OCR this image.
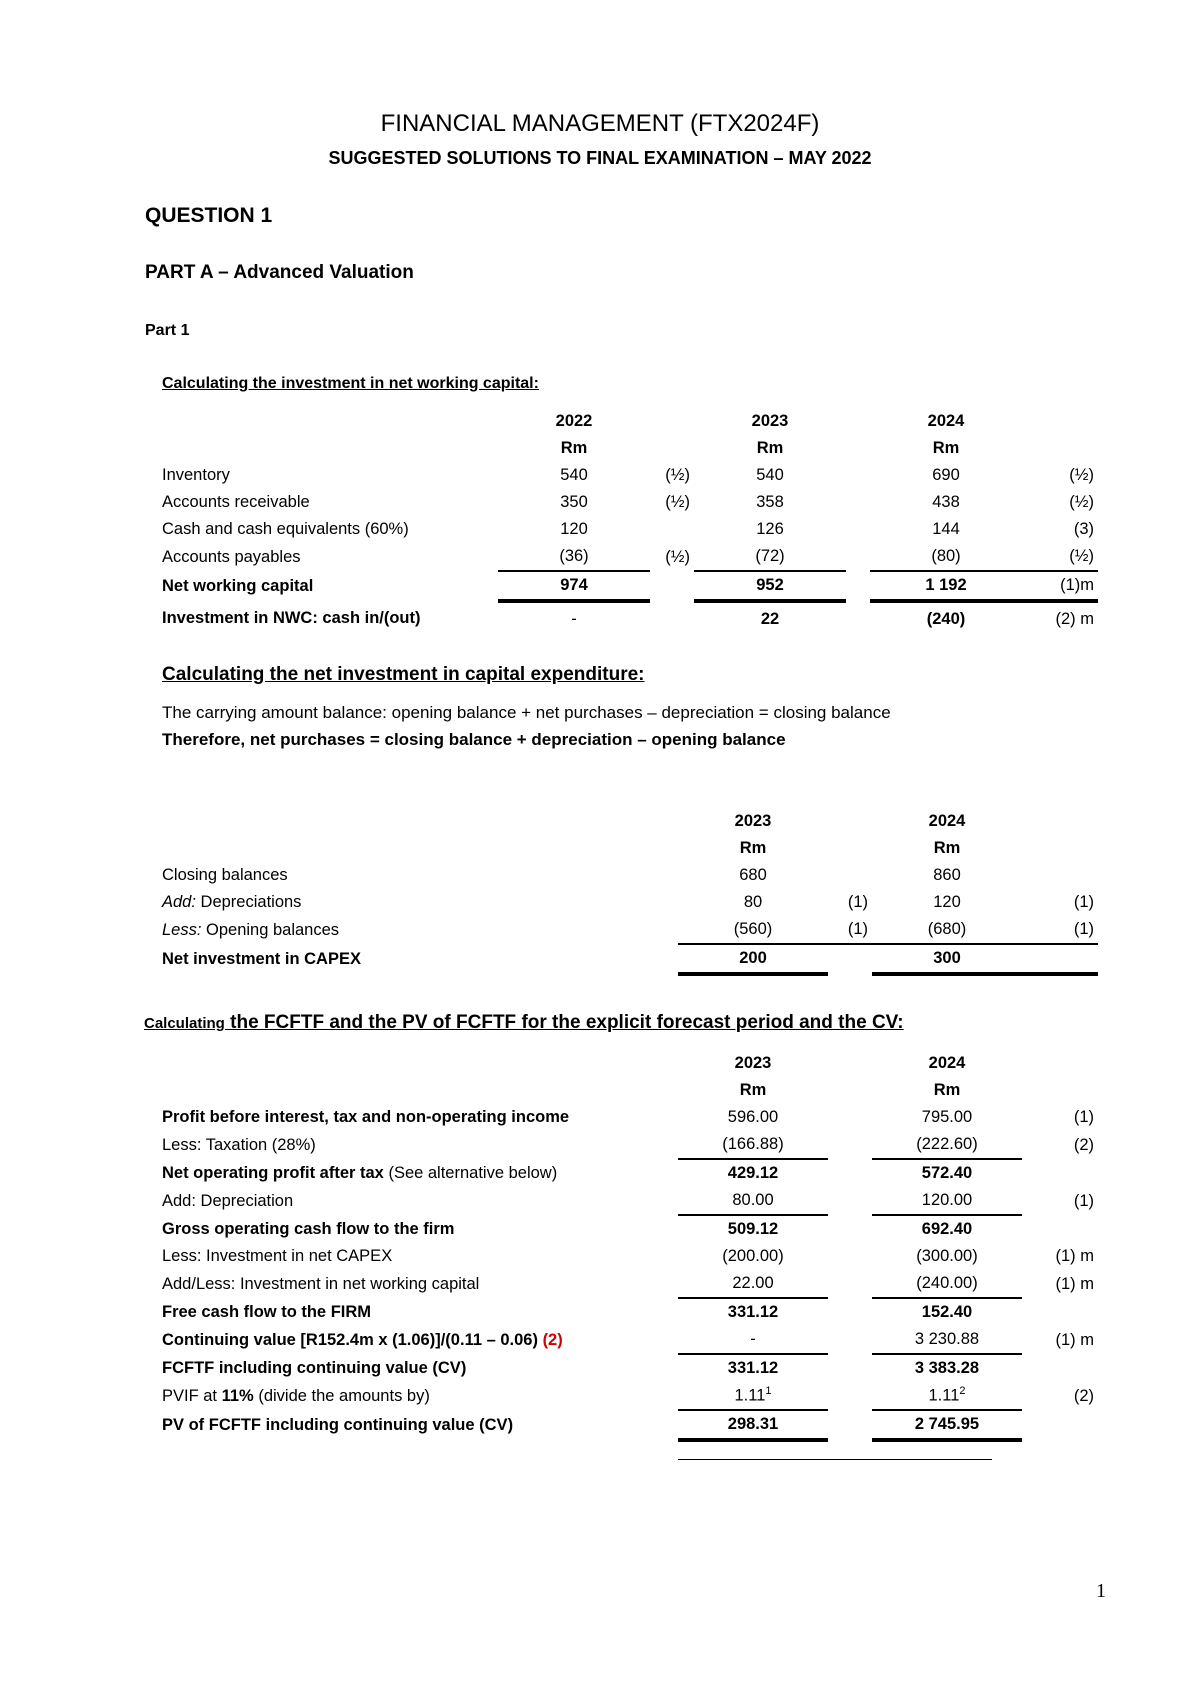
FINANCIAL MANAGEMENT (FTX2024F)
SUGGESTED SOLUTIONS TO FINAL EXAMINATION – MAY 2022
QUESTION 1
PART A – Advanced Valuation
Part 1
Calculating the investment in net working capital:
	2022		2023		2024	
	Rm		Rm		Rm	
Inventory	540	(½)	540		690	(½)
Accounts receivable	350	(½)	358		438	(½)
Cash and cash equivalents (60%)	120		126		144	(3)
Accounts payables	(36)	(½)	(72)		(80)	(½)
Net working capital	974		952		1 192	(1)m
Investment in NWC: cash in/(out)	-		22		(240)	(2) m
Calculating the net investment in capital expenditure:
The carrying amount balance: opening balance + net purchases – depreciation = closing balance
Therefore, net purchases = closing balance + depreciation – opening balance
	2023		2024	
	Rm		Rm	
Closing balances	680		860	
Add: Depreciations	80	(1)	120	(1)
Less: Opening balances	(560)	(1)	(680)	(1)
Net investment in CAPEX	200		300	
Calculating the FCFTF and the PV of FCFTF for the explicit forecast period and the CV:
	2023		2024	
	Rm		Rm	
Profit before interest, tax and non-operating income	596.00		795.00	(1)
Less: Taxation (28%)	(166.88)		(222.60)	(2)
Net operating profit after tax (See alternative below)	429.12		572.40	
Add: Depreciation	80.00		120.00	(1)
Gross operating cash flow to the firm	509.12		692.40	
Less: Investment in net CAPEX	(200.00)		(300.00)	(1) m
Add/Less: Investment in net working capital	22.00		(240.00)	(1) m
Free cash flow to the FIRM	331.12		152.40	
Continuing value [R152.4m x (1.06)]/(0.11 – 0.06) (2)	-		3 230.88	(1) m
FCFTF including continuing value (CV)	331.12		3 383.28	
PVIF at 11% (divide the amounts by)	1.11$^1$		1.11$^2$	(2)
PV of FCFTF including continuing value (CV)	298.31		2 745.95	
1
